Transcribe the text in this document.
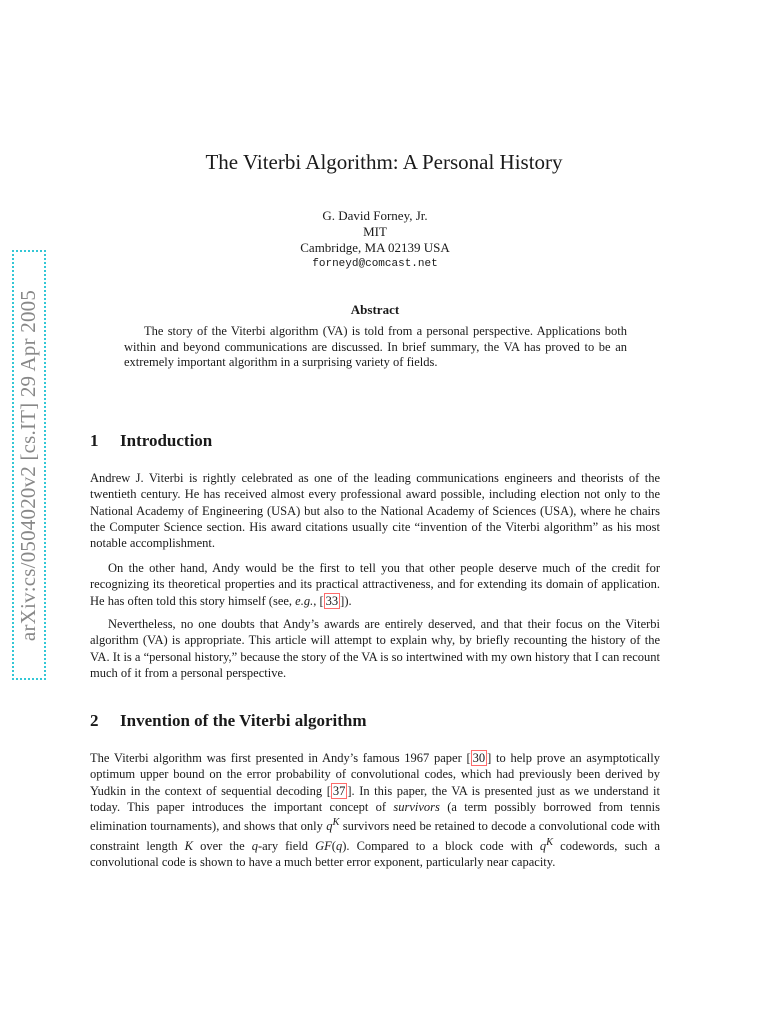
arXiv:cs/0504020v2 [cs.IT] 29 Apr 2005
The Viterbi Algorithm: A Personal History
G. David Forney, Jr.
MIT
Cambridge, MA 02139 USA
forneyd@comcast.net
Abstract
The story of the Viterbi algorithm (VA) is told from a personal perspective. Applications both within and beyond communications are discussed. In brief summary, the VA has proved to be an extremely important algorithm in a surprising variety of fields.
1 Introduction

Andrew J. Viterbi is rightly celebrated as one of the leading communications engineers and theorists of the twentieth century. He has received almost every professional award possible, including election not only to the National Academy of Engineering (USA) but also to the National Academy of Sciences (USA), where he chairs the Computer Science section. His award citations usually cite “invention of the Viterbi algorithm” as his most notable accomplishment.

On the other hand, Andy would be the first to tell you that other people deserve much of the credit for recognizing its theoretical properties and its practical attractiveness, and for extending its domain of application. He has often told this story himself (see, e.g., [ 33 ]).

Nevertheless, no one doubts that Andy’s awards are entirely deserved, and that their focus on the Viterbi algorithm (VA) is appropriate. This article will attempt to explain why, by briefly recounting the history of the VA. It is a “personal history,” because the story of the VA is so intertwined with my own history that I can recount much of it from a personal perspective.

2 Invention of the Viterbi algorithm

The Viterbi algorithm was first presented in Andy’s famous 1967 paper [ 30 ] to help prove an asymptotically optimum upper bound on the error probability of convolutional codes, which had previously been derived by Yudkin in the context of sequential decoding [ 37 ]. In this paper, the VA is presented just as we understand it today. This paper introduces the important concept of survivors (a term possibly borrowed from tennis elimination tournaments), and shows that only $q^K$ survivors need be retained to decode a convolutional code with constraint length K over the q-ary field GF(q). Compared to a block code with $q^K$ codewords, such a convolutional code is shown to have a much better error exponent, particularly near capacity.
